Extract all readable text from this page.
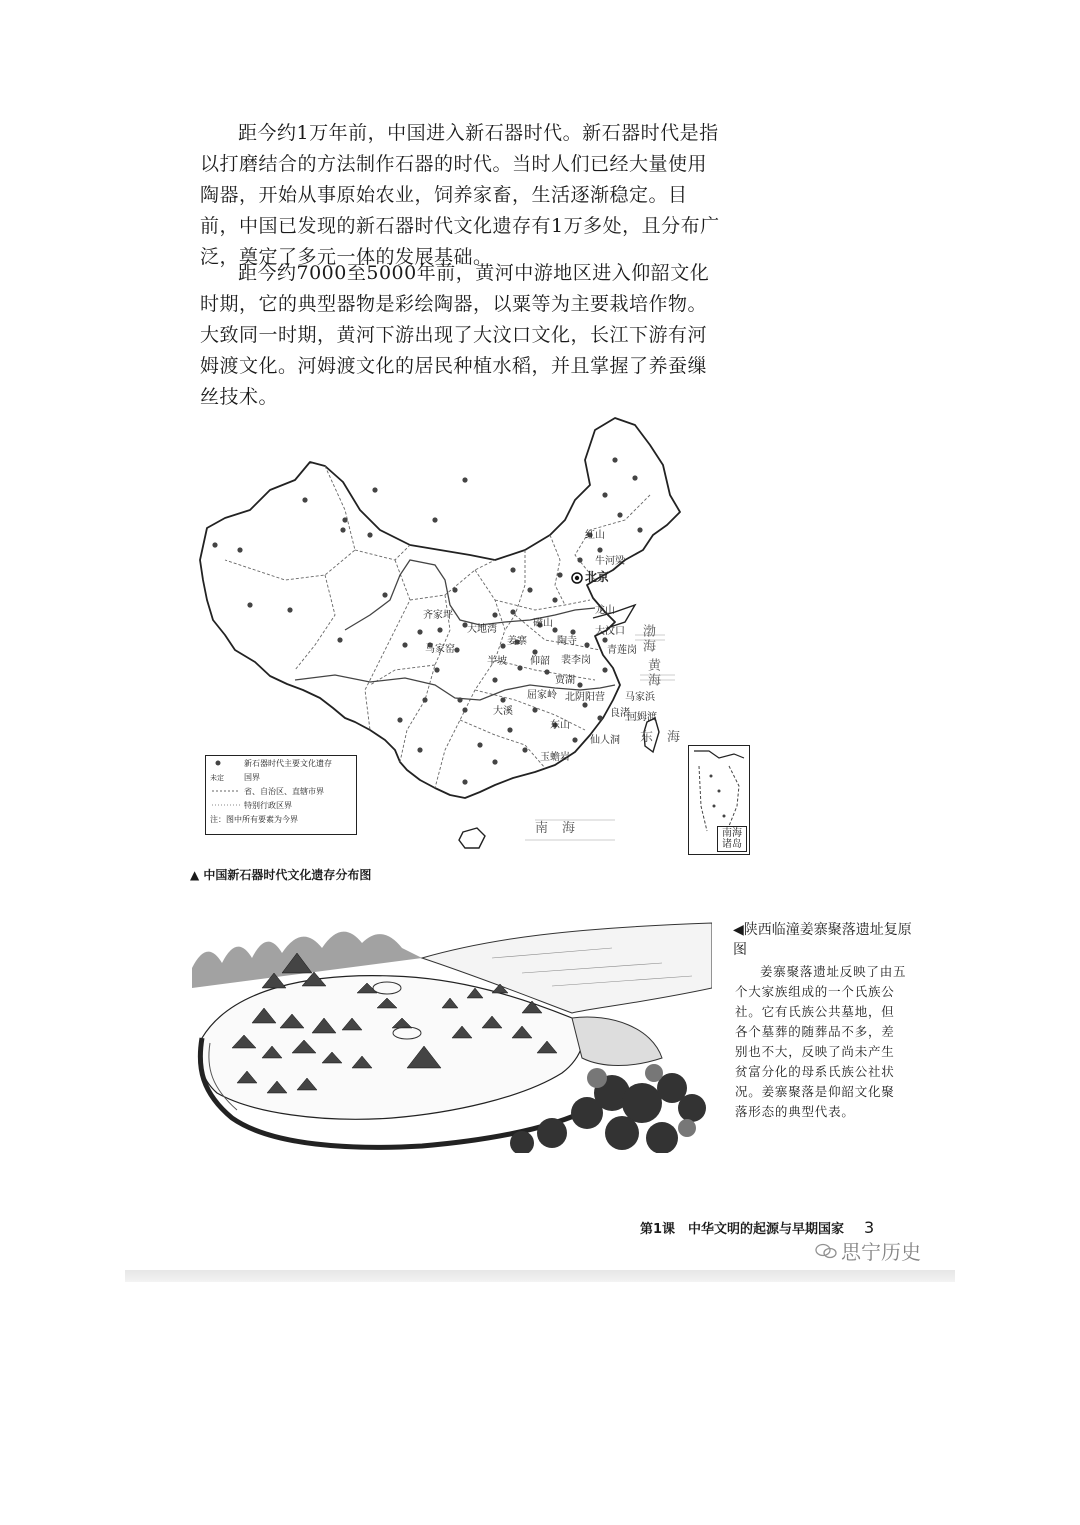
距今约1万年前，中国进入新石器时代。新石器时代是指以打磨结合的方法制作石器的时代。当时人们已经大量使用陶器，开始从事原始农业，饲养家畜，生活逐渐稳定。目前，中国已发现的新石器时代文化遗存有1万多处，且分布广泛，奠定了多元一体的发展基础。

距今约7000至5000年前，黄河中游地区进入仰韶文化时期，它的典型器物是彩绘陶器，以粟等为主要栽培作物。大致同一时期，黄河下游出现了大汶口文化，长江下游有河姆渡文化。河姆渡文化的居民种植水稻，并且掌握了养蚕缫丝技术。

红山
牛河梁
北京
龙山
大汶口
齐家坪
大地湾
马家窑
姜寨
半坡 仰韶
磁山
陶寺
裴李岗
青莲岗
贾湖
屈家岭 北阴阳营
良渚
马家浜
河姆渡
大溪
仙人洞
玉蟾岩
东山
渤海
黄海
东海
南海
新石器时代主要文化遗存
未定	国界
省、自治区、直辖市界
特别行政区界
注：图中所有要素为今界
南海诸岛
▲ 中国新石器时代文化遗存分布图
◀陕西临潼姜寨聚落遗址复原图

姜寨聚落遗址反映了由五个大家族组成的一个氏族公社。它有氏族公共墓地，但各个墓葬的随葬品不多，差别也不大，反映了尚未产生贫富分化的母系氏族公社状况。姜寨聚落是仰韶文化聚落形态的典型代表。

第1课　中华文明的起源与早期国家 3
思宁历史
